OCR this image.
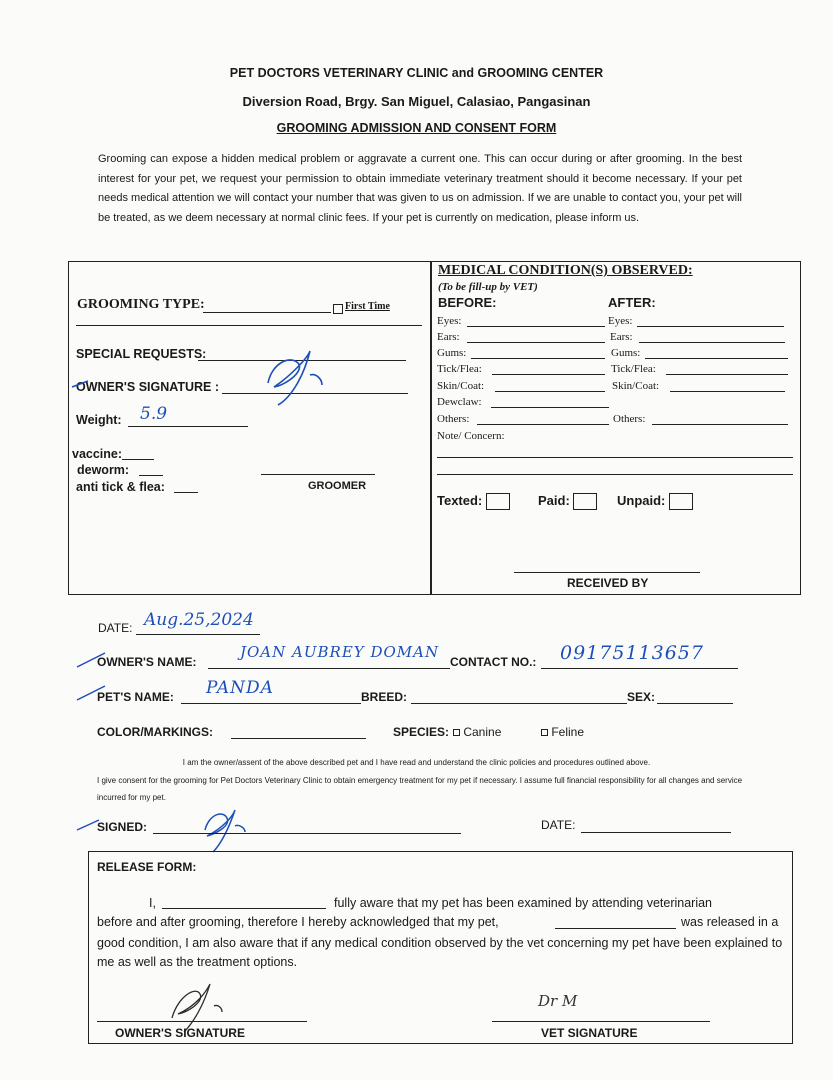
PET DOCTORS VETERINARY CLINIC and GROOMING CENTER
Diversion Road, Brgy. San Miguel, Calasiao, Pangasinan
GROOMING ADMISSION AND CONSENT FORM
Grooming can expose a hidden medical problem or aggravate a current one. This can occur during or after grooming. In the best interest for your pet, we request your permission to obtain immediate veterinary treatment should it become necessary. If your pet needs medical attention we will contact your number that was given to us on admission. If we are unable to contact you, your pet will be treated, as we deem necessary at normal clinic fees. If your pet is currently on medication, please inform us.
GROOMING TYPE:	First Time
SPECIAL REQUESTS:
OWNER'S SIGNATURE :
Weight: 5.9
vaccine:
deworm:
anti tick & flea:	GROOMER
MEDICAL CONDITION(S) OBSERVED:
(To be fill-up by VET)
BEFORE:	AFTER:
Eyes:	Eyes:
Ears:	Ears:
Gums:	Gums:
Tick/Flea:	Tick/Flea:
Skin/Coat:	Skin/Coat:
Dewclaw:
Others:	Others:
Note/ Concern:
Texted:	Paid:	Unpaid:
RECEIVED BY
DATE: Aug.25,2024
OWNER'S NAME:
JOAN AUBREY DOMAN
CONTACT NO.: 09175113657
PET'S NAME: PANDA	BREED:	SEX:
COLOR/MARKINGS:	SPECIES:	Canine	Feline
I am the owner/assent of the above described pet and I have read and understand the clinic policies and procedures outlined above.
I give consent for the grooming for Pet Doctors Veterinary Clinic to obtain emergency treatment for my pet if necessary. I assume full financial responsibility for all changes and service incurred for my pet.
SIGNED:	DATE:
RELEASE FORM:
I,	fully aware that my pet has been examined by attending veterinarian
before and after grooming, therefore I hereby acknowledged that my pet,	was released in a
good condition, I am also aware that if any medical condition observed by the vet concerning my pet have been explained to me as well as the treatment options.
OWNER'S SIGNATURE
Dr M
VET SIGNATURE
